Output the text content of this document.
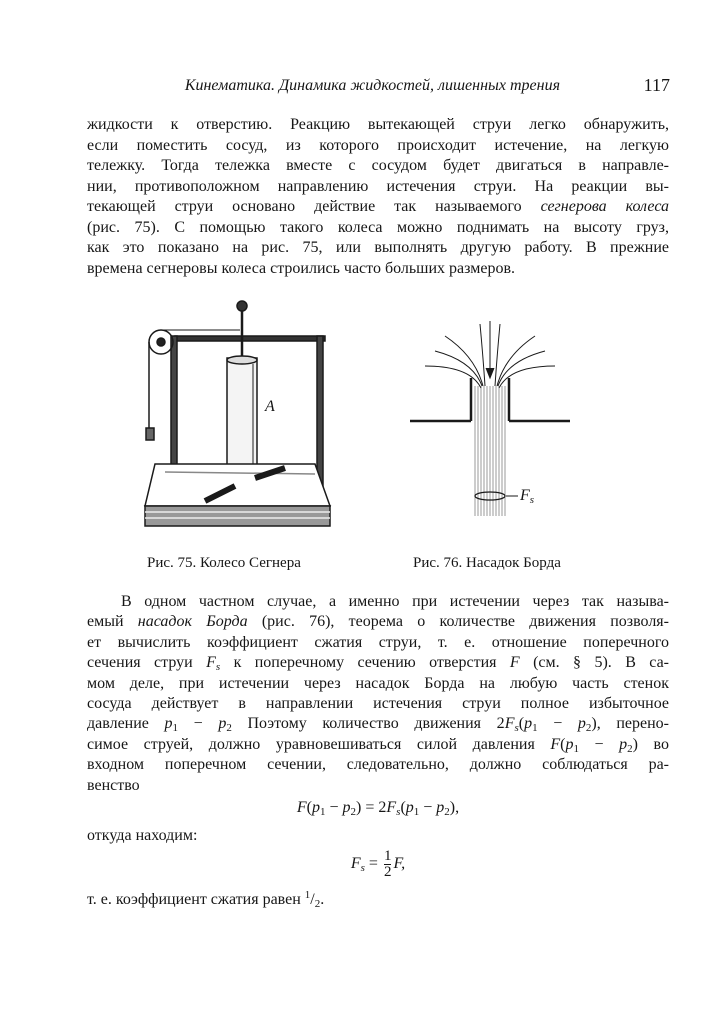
Кинематика. Динамика жидкостей, лишенных трения	117
жидкости к отверстию. Реакцию вытекающей струи легко обнаружить,
если поместить сосуд, из которого происходит истечение, на легкую
тележку. Тогда тележка вместе с сосудом будет двигаться в направле-
нии, противоположном направлению истечения струи. На реакции вы-
текающей струи основано действие так называемого сегнерова колеса
(рис. 75). С помощью такого колеса можно поднимать на высоту груз,
как это показано на рис. 75, или выполнять другую работу. В прежние
времена сегнеровы колеса строились часто больших размеров.
A
$F_s$
Рис. 75. Колесо Сегнера	Рис. 76. Насадок Борда
В одном частном случае, а именно при истечении через так называ-
емый насадок Борда (рис. 76), теорема о количестве движения позволя-
ет вычислить коэффициент сжатия струи, т. е. отношение поперечного
сечения струи Fs к поперечному сечению отверстия F (см. § 5). В са-
мом деле, при истечении через насадок Борда на любую часть стенок
сосуда действует в направлении истечения струи полное избыточное
давление $p_1 - p_2$ Поэтому количество движения $2Fs(p_1 - p_2)$, перено-
симое струей, должно уравновешиваться силой давления $F(p_1 - p_2)$ во
входном поперечном сечении, следовательно, должно соблюдаться ра-
венство
$F(p_1 - p_2) = 2Fs(p_1 - p_2)$,
откуда находим:
$Fs = \frac{1}{2} F$,
т. е. коэффициент сжатия равен $^1/_2$.
